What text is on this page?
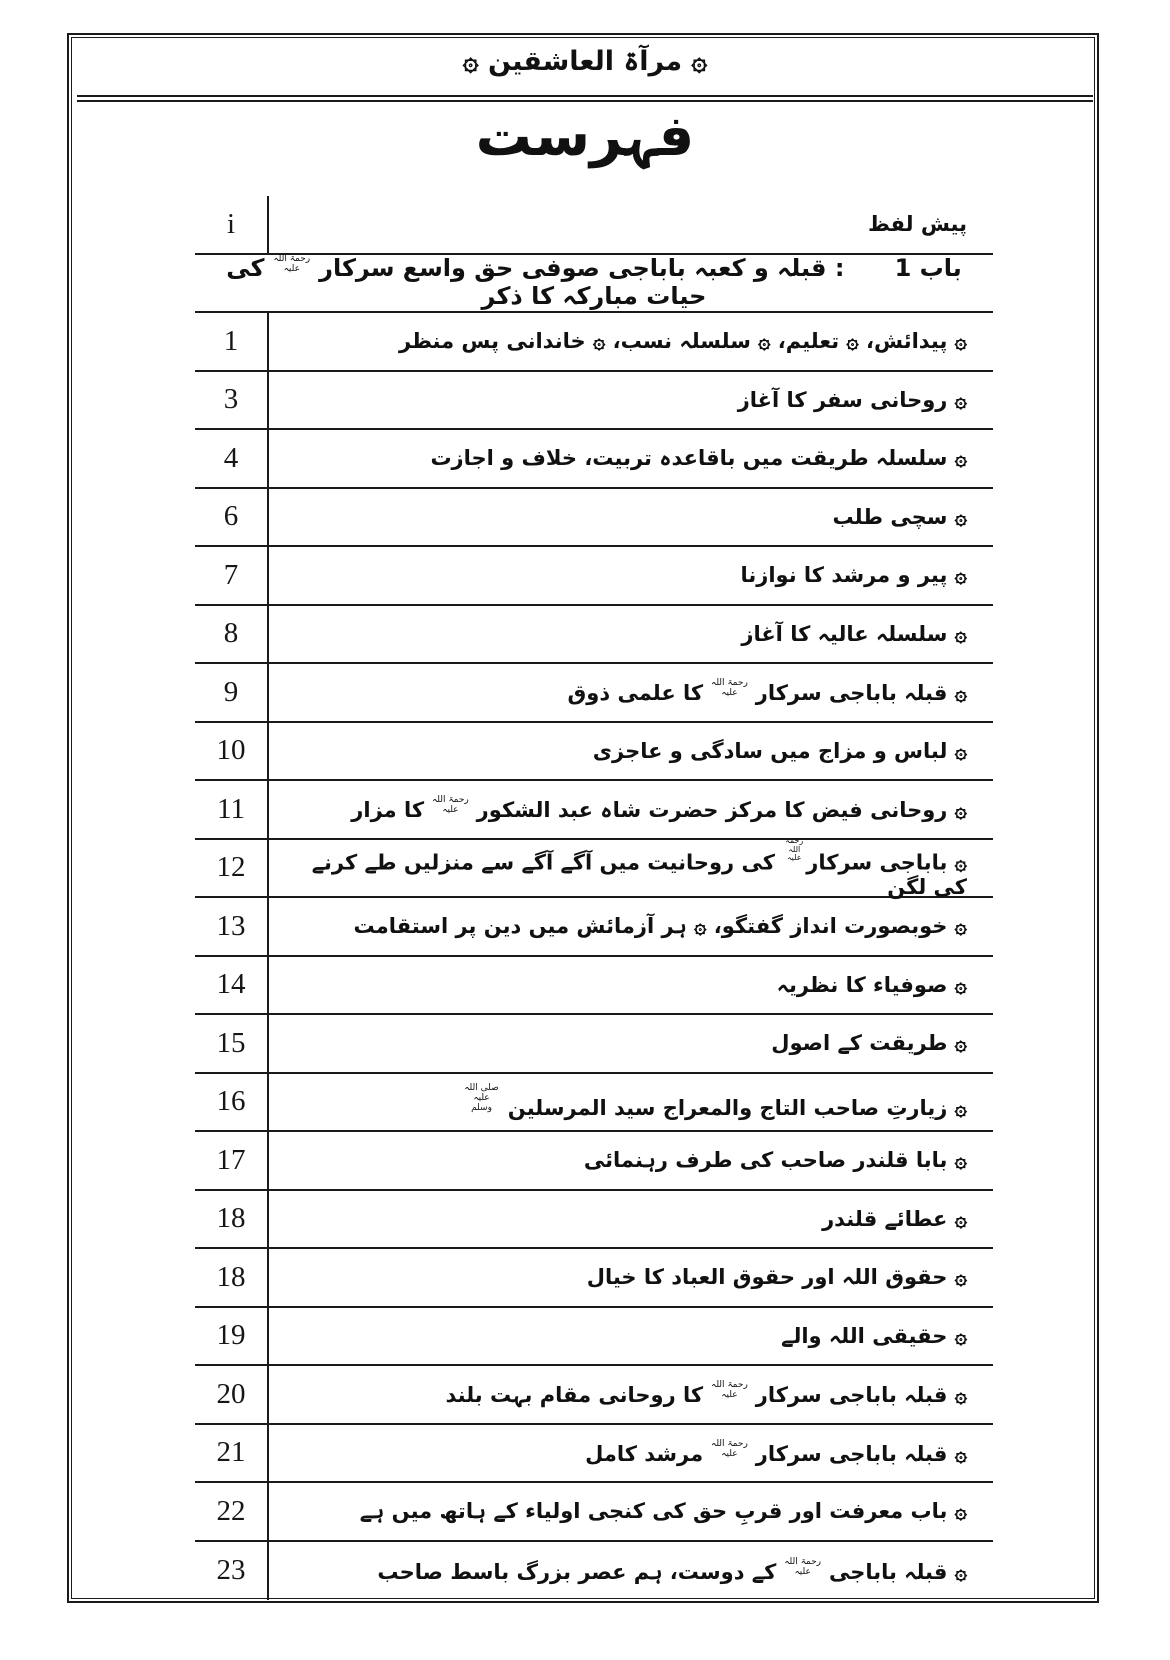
۞ مرآۃ العاشقین ۞
فہرست
i	پیش لفظ
باب 1      : قبلہ و کعبہ باباجی صوفی حق واسع سرکار رحمۃ اللہ علیہ کی حیات مبارکہ کا ذکر
1	۞ پیدائش، ۞ تعلیم، ۞ سلسلہ نسب، ۞ خاندانی پس منظر
3	۞ روحانی سفر کا آغاز
4	۞ سلسلہ طریقت میں باقاعدہ تربیت، خلاف و اجازت
6	۞ سچی طلب
7	۞ پیر و مرشد کا نوازنا
8	۞ سلسلہ عالیہ کا آغاز
9	۞ قبلہ باباجی سرکار رحمۃ اللہ علیہ کا علمی ذوق
10	۞ لباس و مزاج میں سادگی و عاجزی
11	۞ روحانی فیض کا مرکز حضرت شاہ عبد الشکور رحمۃ اللہ علیہ کا مزار
12	۞ باباجی سرکاررحمۃ اللہ علیہ کی روحانیت میں آگے آگے سے منزلیں طے کرنے کی لگن
13	۞ خوبصورت انداز گفتگو، ۞ ہر آزمائش میں دین پر استقامت
14	۞ صوفیاء کا نظریہ
15	۞ طریقت کے اصول
16	۞ زیارتِ صاحب التاج والمعراج سید المرسلین صلی اللہ علیہ وسلم
17	۞ بابا قلندر صاحب کی طرف رہنمائی
18	۞ عطائے قلندر
18	۞ حقوق اللہ اور حقوق العباد کا خیال
19	۞ حقیقی اللہ والے
20	۞ قبلہ باباجی سرکار رحمۃ اللہ علیہ کا روحانی مقام بہت بلند
21	۞ قبلہ باباجی سرکار رحمۃ اللہ علیہ مرشد کامل
22	۞ باب معرفت اور قربِ حق کی کنجی اولیاء کے ہاتھ میں ہے
23	۞ قبلہ باباجی رحمۃ اللہ علیہ کے دوست، ہم عصر بزرگ باسط صاحب
